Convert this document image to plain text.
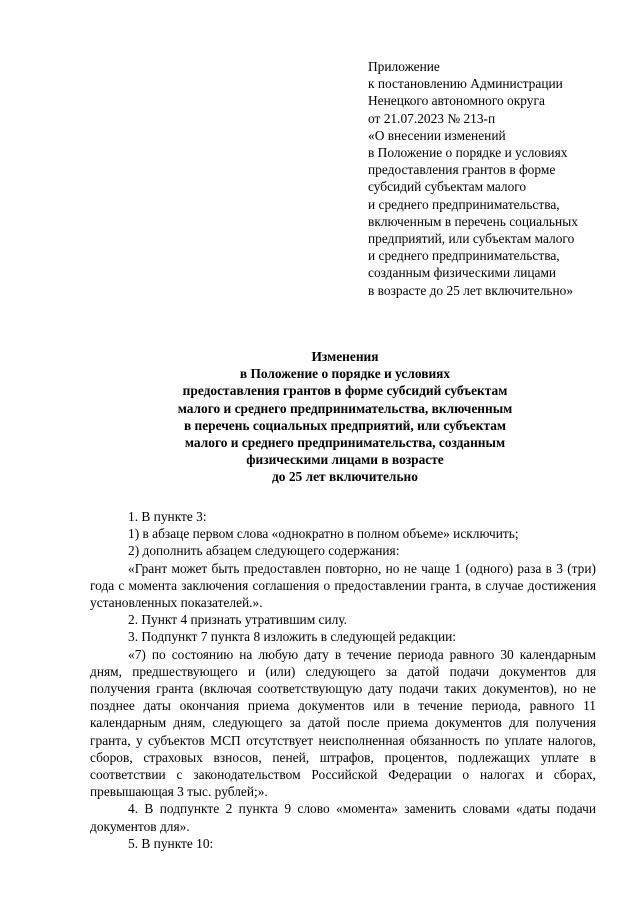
Приложение
к постановлению Администрации
Ненецкого автономного округа
от 21.07.2023 № 213-п
«О внесении изменений
в Положение о порядке и условиях
предоставления грантов в форме
субсидий субъектам малого
и среднего предпринимательства,
включенным в перечень социальных
предприятий, или субъектам малого
и среднего предпринимательства,
созданным физическими лицами
в возрасте до 25 лет включительно»
Изменения
в Положение о порядке и условиях
предоставления грантов в форме субсидий субъектам
малого и среднего предпринимательства, включенным
в перечень социальных предприятий, или субъектам
малого и среднего предпринимательства, созданным
физическими лицами в возрасте
до 25 лет включительно

1. В пункте 3:

1) в абзаце первом слова «однократно в полном объеме» исключить;

2) дополнить абзацем следующего содержания:

«Грант может быть предоставлен повторно, но не чаще 1 (одного) раза в 3 (три) года с момента заключения соглашения о предоставлении гранта, в случае достижения установленных показателей.».

2. Пункт 4 признать утратившим силу.

3. Подпункт 7 пункта 8 изложить в следующей редакции:

«7) по состоянию на любую дату в течение периода равного 30 календарным дням, предшествующего и (или) следующего за датой подачи документов для получения гранта (включая соответствующую дату подачи таких документов), но не позднее даты окончания приема документов или в течение периода, равного 11 календарным дням, следующего за датой после приема документов для получения гранта, у субъектов МСП отсутствует неисполненная обязанность по уплате налогов, сборов, страховых взносов, пеней, штрафов, процентов, подлежащих уплате в соответствии с законодательством Российской Федерации о налогах и сборах, превышающая 3 тыс. рублей;».

4. В подпункте 2 пункта 9 слово «момента» заменить словами «даты подачи документов для».

5. В пункте 10:
